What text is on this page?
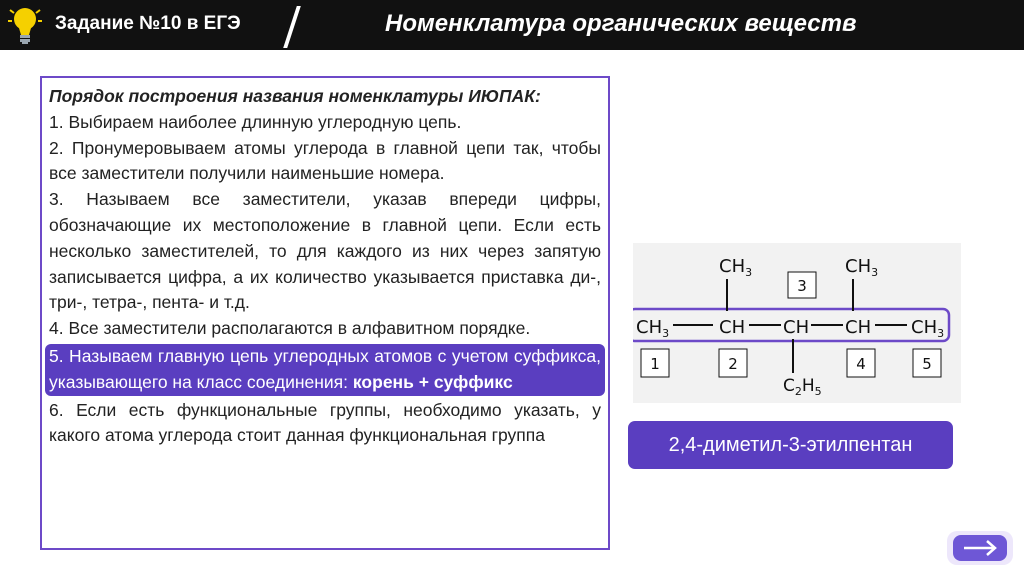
Задание №10 в ЕГЭ	Номенклатура органических веществ

Порядок построения названия номенклатуры ИЮПАК:

1. Выбираем наиболее длинную углеродную цепь.

2. Пронумеровываем атомы углерода в главной цепи так, чтобы все заместители получили наименьшие номера.

3. Называем все заместители, указав впереди цифры, обозначающие их местоположение в главной цепи. Если есть несколько заместителей, то для каждого из них через запятую записывается цифра, а их количество указывается приставка ди-, три-, тетра-, пента- и т.д.

4. Все заместители располагаются в алфавитном порядке.

5. Называем главную цепь углеродных атомов с учетом суффикса, указывающего на класс соединения: корень + суффикс

6. Если есть функциональные группы, необходимо указать, у какого атома углерода стоит данная функциональная группа

$CH_3$	CH CH CH $CH_3$
$CH_3$	$CH_3$
$C_2H_5$
3
1	2	4	5
2,4-диметил-3-этилпентан
